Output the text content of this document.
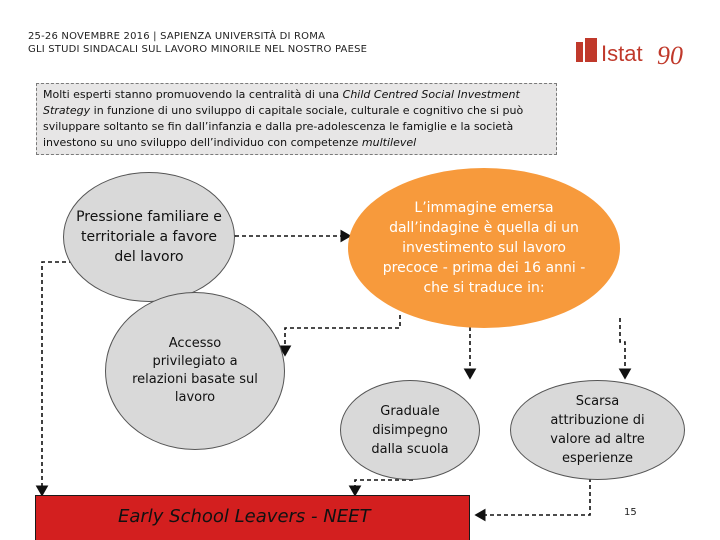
25-26 NOVEMBRE 2016 | SAPIENZA UNIVERSITÀ DI ROMA
GLI STUDI SINDACALI SUL LAVORO MINORILE NEL NOSTRO PAESE	Istat 90
Molti esperti stanno promuovendo la centralità di una Child Centred Social Investment Strategy in funzione di uno sviluppo di capitale sociale, culturale e cognitivo che si può sviluppare soltanto se fin dall’infanzia e dalla pre-adolescenza le famiglie e la società investono su uno sviluppo dell’individuo con competenze multilevel
Pressione familiare e territoriale a favore del lavoro
L’immagine emersa dall’indagine è quella di un investimento sul lavoro precoce - prima dei 16 anni - che si traduce in:
Accesso privilegiato a relazioni basate sul lavoro
Graduale disimpegno dalla scuola
Scarsa attribuzione di valore ad altre esperienze
Early School Leavers - NEET	15
